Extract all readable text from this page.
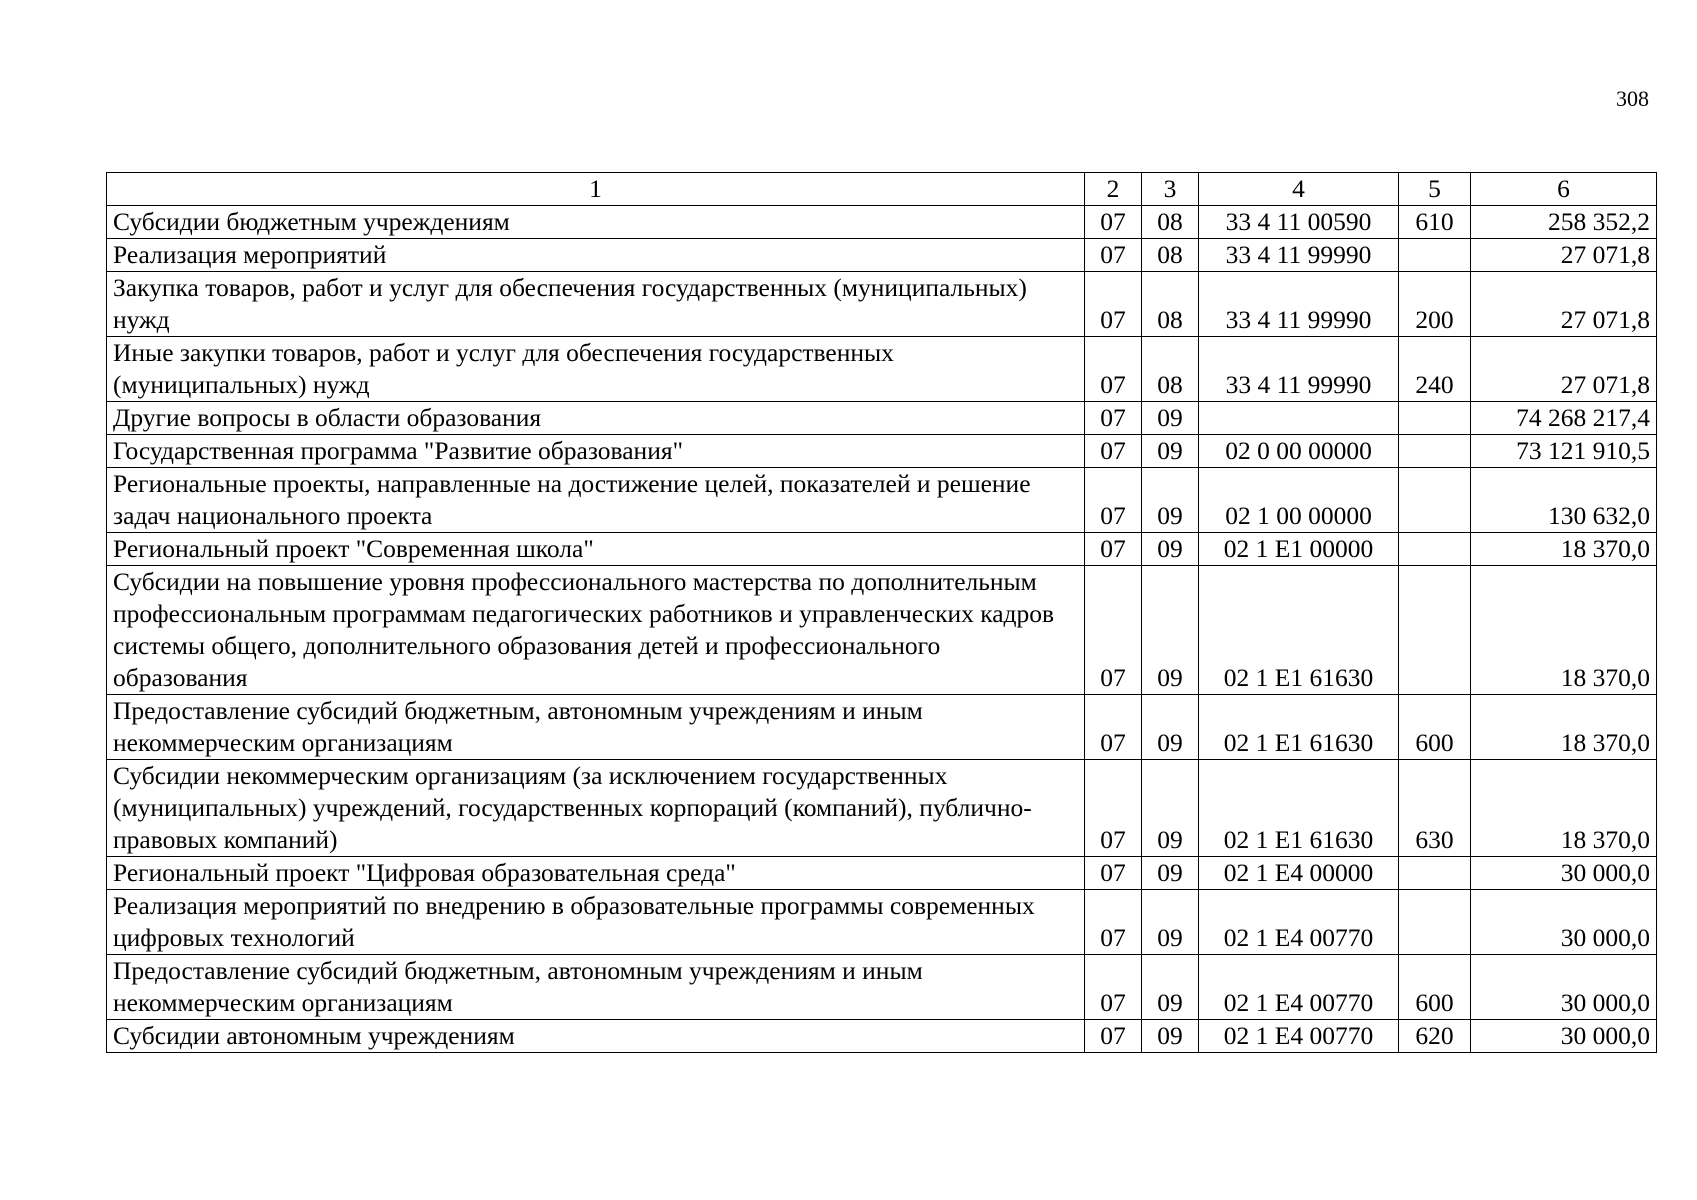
308
1	2	3	4	5	6
Субсидии бюджетным учреждениям	07	08	33 4 11 00590	610	258 352,2
Реализация мероприятий	07	08	33 4 11 99990		27 071,8
Закупка товаров, работ и услуг для обеспечения государственных (муниципальных) нужд	07	08	33 4 11 99990	200	27 071,8
Иные закупки товаров, работ и услуг для обеспечения государственных (муниципальных) нужд	07	08	33 4 11 99990	240	27 071,8
Другие вопросы в области образования	07	09			74 268 217,4
Государственная программа "Развитие образования"	07	09	02 0 00 00000		73 121 910,5
Региональные проекты, направленные на достижение целей, показателей и решение задач национального проекта	07	09	02 1 00 00000		130 632,0
Региональный проект "Современная школа"	07	09	02 1 E1 00000		18 370,0
Субсидии на повышение уровня профессионального мастерства по дополнительным профессиональным программам педагогических работников и управленческих кадров системы общего, дополнительного образования детей и профессионального образования	07	09	02 1 E1 61630		18 370,0
Предоставление субсидий бюджетным, автономным учреждениям и иным некоммерческим организациям	07	09	02 1 E1 61630	600	18 370,0
Субсидии некоммерческим организациям (за исключением государственных (муниципальных) учреждений, государственных корпораций (компаний), публично-правовых компаний)	07	09	02 1 E1 61630	630	18 370,0
Региональный проект "Цифровая образовательная среда"	07	09	02 1 E4 00000		30 000,0
Реализация мероприятий по внедрению в образовательные программы современных цифровых технологий	07	09	02 1 E4 00770		30 000,0
Предоставление субсидий бюджетным, автономным учреждениям и иным некоммерческим организациям	07	09	02 1 E4 00770	600	30 000,0
Субсидии автономным учреждениям	07	09	02 1 E4 00770	620	30 000,0
